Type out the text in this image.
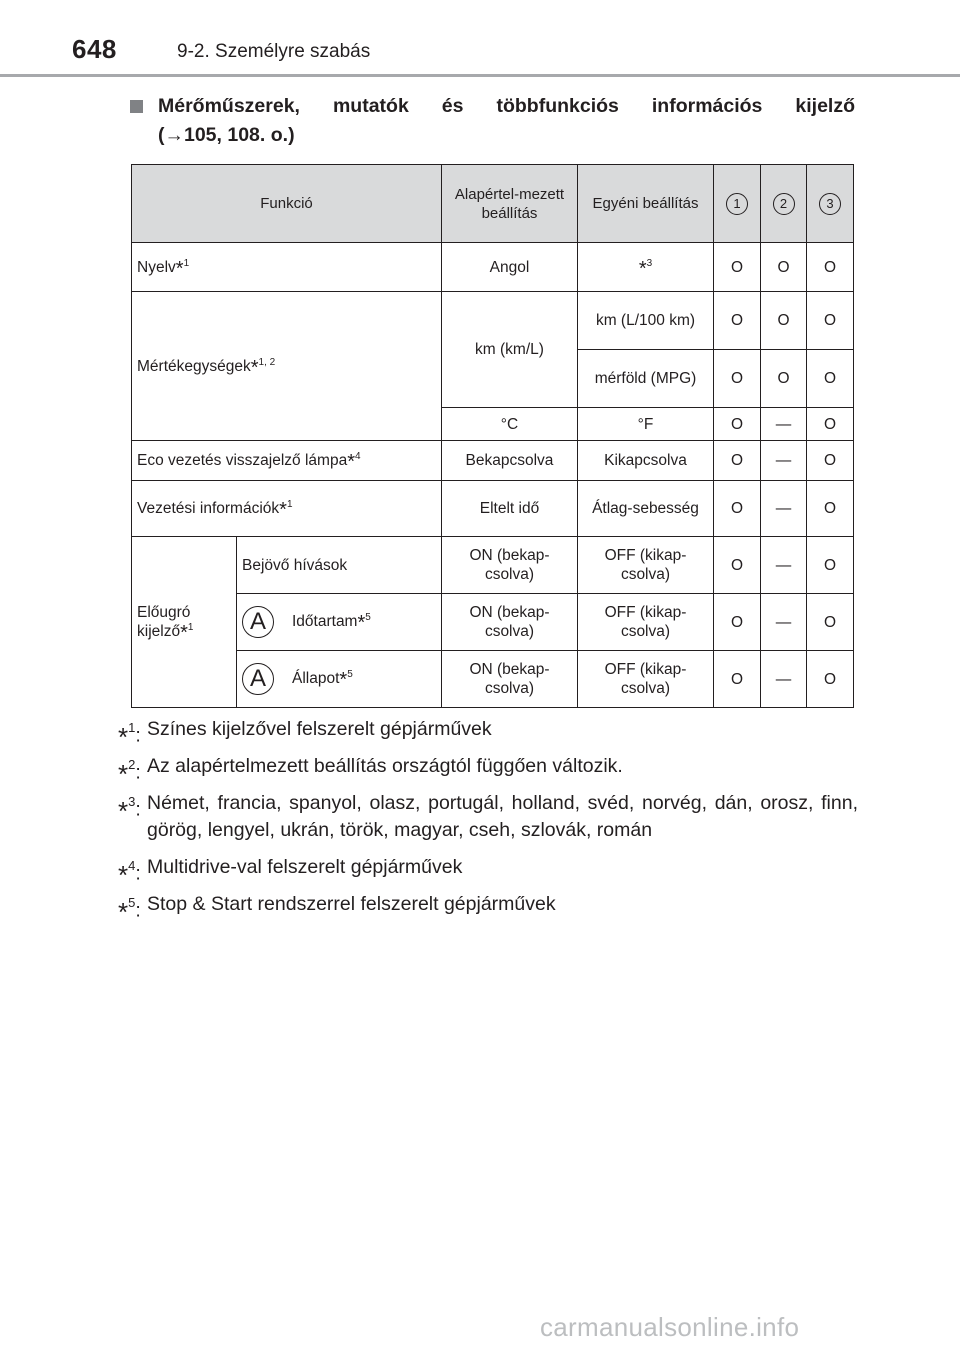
648	9-2. Személyre szabás
Mérőműszerek, mutatók és többfunkciós információs kijelző
(→105, 108. o.)
Funkció		Alapértel-mezett beállítás	Egyéni beállítás	1	2	3
Nyelv*$^1$		Angol	*$^3$	O	O	O
Mértékegységek*$^{1, 2}$		km (km/L)	km (L/100 km)	O	O	O
			mérföld (MPG)	O	O	O
		°C	°F	O	—	O
Eco vezetés visszajelző lámpa*$^4$		Bekapcsolva	Kikapcsolva	O	—	O
Vezetési információk*$^1$		Eltelt idő	Átlag-sebesség	O	—	O
Előugró kijelző*$^1$	Bejövő hívások	ON (bekap-csolva)	OFF (kikap-csolva)	O	—	O
	A Időtartam*$^5$	ON (bekap-csolva)	OFF (kikap-csolva)	O	—	O
	A Állapot*$^5$	ON (bekap-csolva)	OFF (kikap-csolva)	O	—	O
*$^1$: Színes kijelzővel felszerelt gépjárművek
*$^2$: Az alapértelmezett beállítás országtól függően változik.
*$^3$: Német, francia, spanyol, olasz, portugál, holland, svéd, norvég, dán, orosz, finn, görög, lengyel, ukrán, török, magyar, cseh, szlovák, román
*$^4$: Multidrive-val felszerelt gépjárművek
*$^5$: Stop & Start rendszerrel felszerelt gépjárművek
carmanualsonline.info
